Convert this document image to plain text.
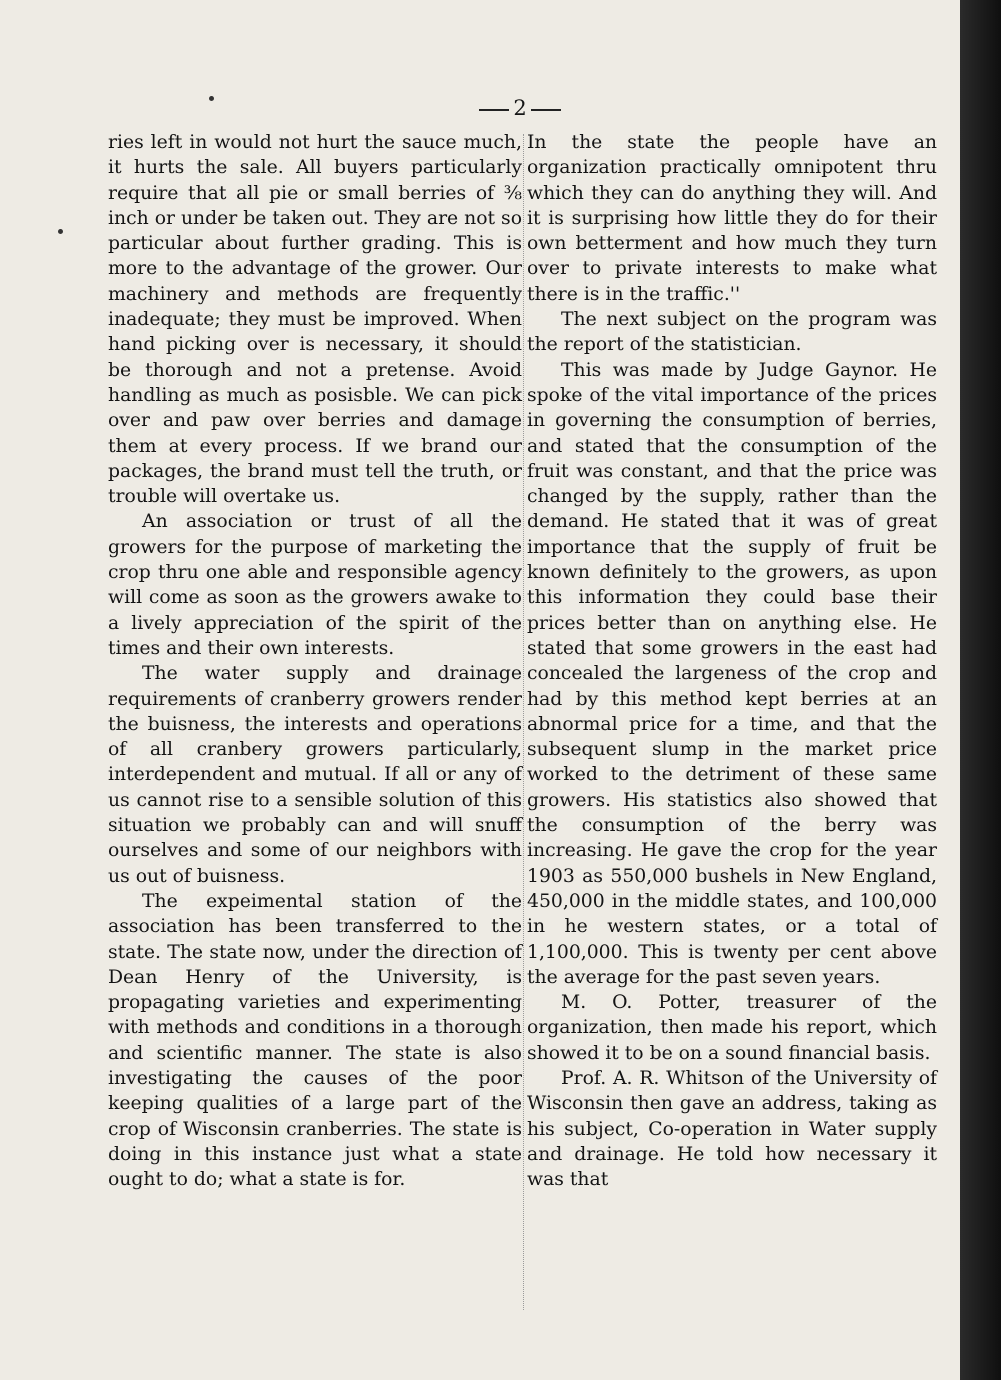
2

ries left in would not hurt the sauce much, it hurts the sale. All buyers particularly require that all pie or small berries of ⅜ inch or under be taken out. They are not so particular about further grading. This is more to the advantage of the grower. Our machinery and methods are frequently inadequate; they must be improved. When hand picking over is necessary, it should be thorough and not a pretense. Avoid handling as much as posisble. We can pick over and paw over berries and damage them at every process. If we brand our packages, the brand must tell the truth, or trouble will overtake us.

An association or trust of all the growers for the purpose of marketing the crop thru one able and responsible agency will come as soon as the growers awake to a lively appreciation of the spirit of the times and their own interests.

The water supply and drainage requirements of cranberry growers render the buisness, the interests and operations of all cranbery growers particularly, interdependent and mutual. If all or any of us cannot rise to a sensible solution of this situation we probably can and will snuff ourselves and some of our neighbors with us out of buisness.

The expeimental station of the association has been transferred to the state. The state now, under the direction of Dean Henry of the University, is propagating varieties and experimenting with methods and conditions in a thorough and scientific manner. The state is also investigating the causes of the poor keeping qualities of a large part of the crop of Wisconsin cranberries. The state is doing in this instance just what a state ought to do; what a state is for.

In the state the people have an organization practically omnipotent thru which they can do anything they will. And it is surprising how little they do for their own betterment and how much they turn over to private interests to make what there is in the traffic.''

The next subject on the program was the report of the statistician.

This was made by Judge Gaynor. He spoke of the vital importance of the prices in governing the consumption of berries, and stated that the consumption of the fruit was constant, and that the price was changed by the supply, rather than the demand. He stated that it was of great importance that the supply of fruit be known definitely to the growers, as upon this information they could base their prices better than on anything else. He stated that some growers in the east had concealed the largeness of the crop and had by this method kept berries at an abnormal price for a time, and that the subsequent slump in the market price worked to the detriment of these same growers. His statistics also showed that the consumption of the berry was increasing. He gave the crop for the year 1903 as 550,000 bushels in New England, 450,000 in the middle states, and 100,000 in he western states, or a total of 1,100,000. This is twenty per cent above the average for the past seven years.

M. O. Potter, treasurer of the organization, then made his report, which showed it to be on a sound financial basis.

Prof. A. R. Whitson of the University of Wisconsin then gave an address, taking as his subject, Co-operation in Water supply and drainage. He told how necessary it was that
